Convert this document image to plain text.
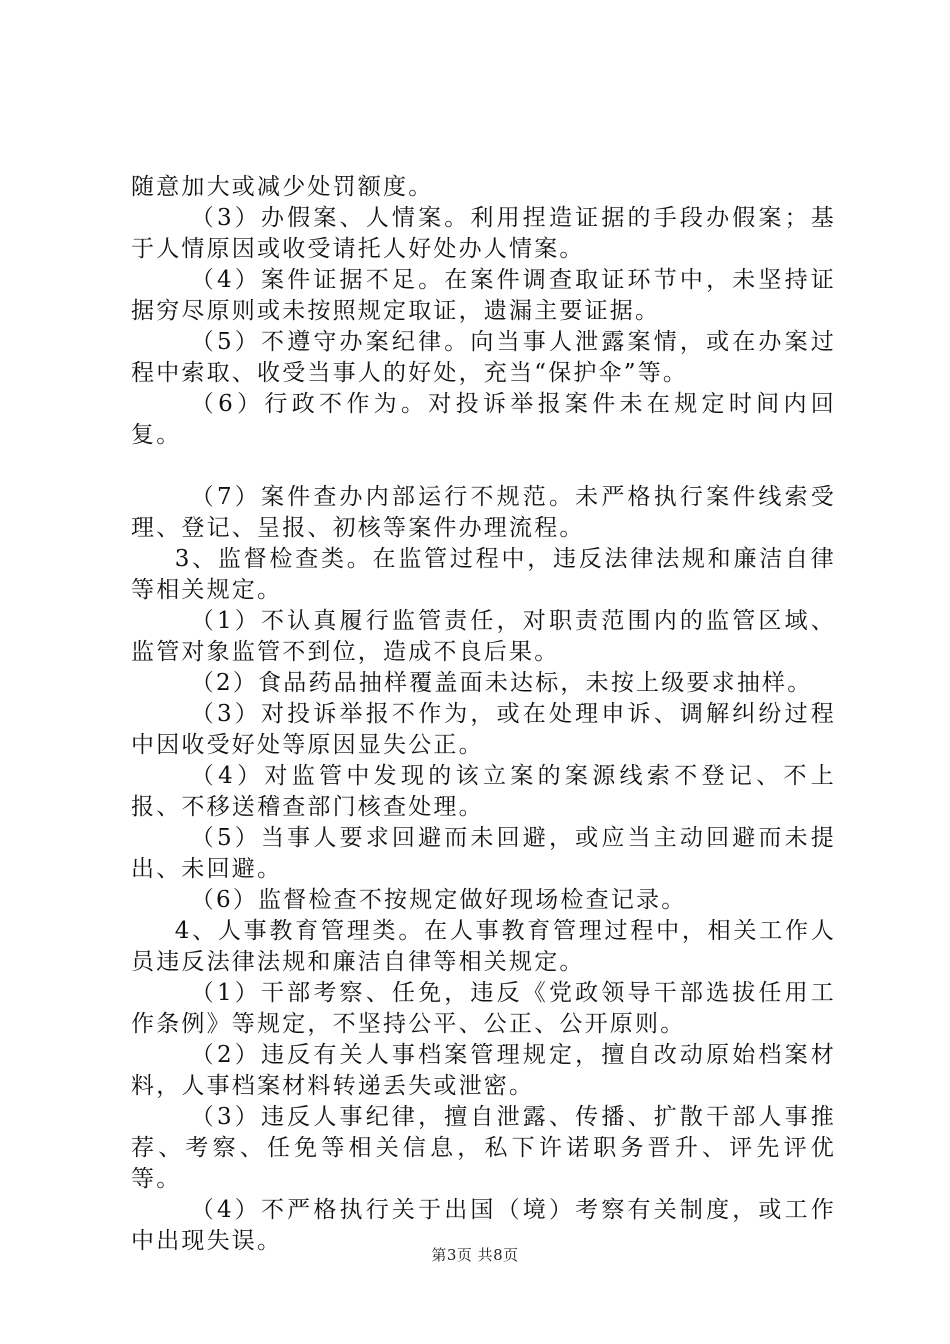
随意加大或减少处罚额度。

（3）办假案、人情案。利用捏造证据的手段办假案；基于人情原因或收受请托人好处办人情案。

（4）案件证据不足。在案件调查取证环节中，未坚持证据穷尽原则或未按照规定取证，遗漏主要证据。

（5）不遵守办案纪律。向当事人泄露案情，或在办案过程中索取、收受当事人的好处，充当“保护伞”等。

（6）行政不作为。对投诉举报案件未在规定时间内回复。

（7）案件查办内部运行不规范。未严格执行案件线索受理、登记、呈报、初核等案件办理流程。

3、监督检查类。在监管过程中，违反法律法规和廉洁自律等相关规定。

（1）不认真履行监管责任，对职责范围内的监管区域、监管对象监管不到位，造成不良后果。

（2）食品药品抽样覆盖面未达标，未按上级要求抽样。

（3）对投诉举报不作为，或在处理申诉、调解纠纷过程中因收受好处等原因显失公正。

（4）对监管中发现的该立案的案源线索不登记、不上报、不移送稽查部门核查处理。

（5）当事人要求回避而未回避，或应当主动回避而未提出、未回避。

（6）监督检查不按规定做好现场检查记录。

4、人事教育管理类。在人事教育管理过程中，相关工作人员违反法律法规和廉洁自律等相关规定。

（1）干部考察、任免，违反《党政领导干部选拔任用工作条例》等规定，不坚持公平、公正、公开原则。

（2）违反有关人事档案管理规定，擅自改动原始档案材料，人事档案材料转递丢失或泄密。

（3）违反人事纪律，擅自泄露、传播、扩散干部人事推荐、考察、任免等相关信息，私下许诺职务晋升、评先评优等。

（4）不严格执行关于出国（境）考察有关制度，或工作中出现失误。

第3页 共8页
